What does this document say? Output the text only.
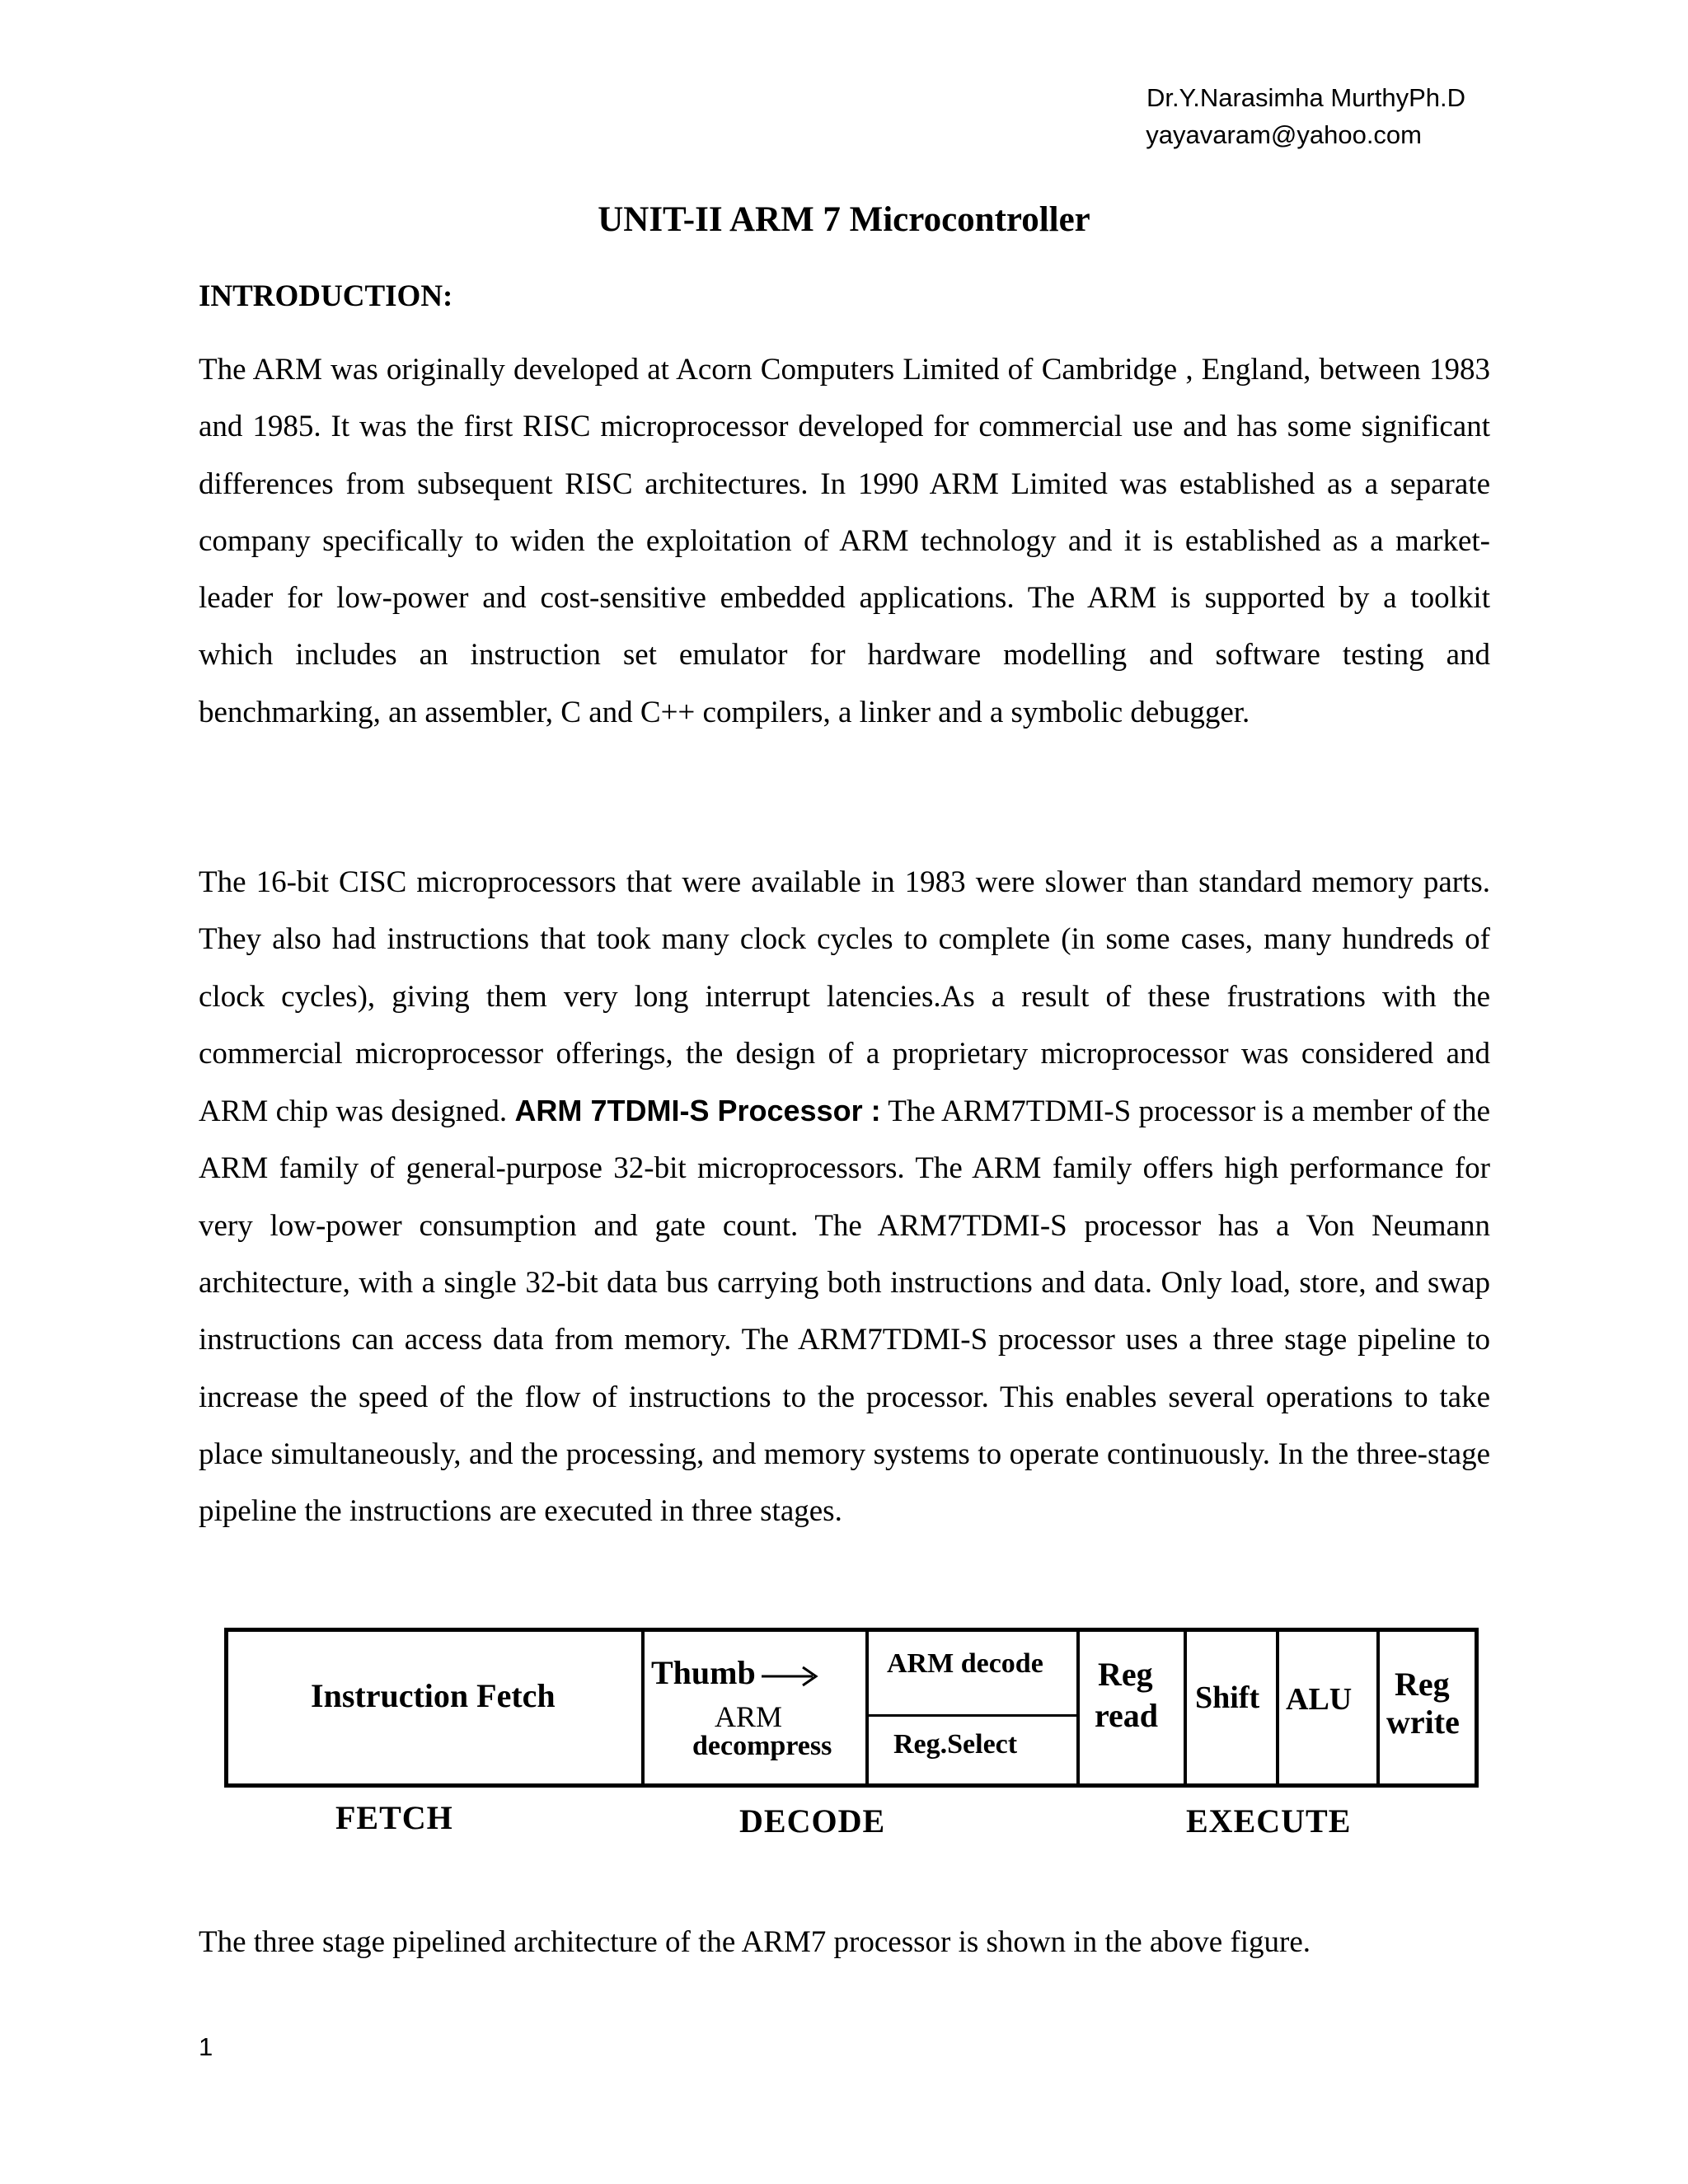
Dr.Y.Narasimha MurthyPh.D

yayavaram@yahoo.com
UNIT-II ARM 7 Microcontroller
INTRODUCTION:

The ARM was originally developed at Acorn Computers Limited of Cambridge , England, between 1983 and 1985. It was the first RISC microprocessor developed for commercial use and has some significant differences from subsequent RISC architectures. In 1990 ARM Limited was established as a separate company specifically to widen the exploitation of ARM technology and it is established as a market-leader for low-power and cost-sensitive embedded applications. The ARM is supported by a toolkit which includes an instruction set emulator for hardware modelling and software testing and benchmarking, an assembler, C and C++ compilers, a linker and a symbolic debugger.

The 16-bit CISC microprocessors that were available in 1983 were slower than standard memory parts. They also had instructions that took many clock cycles to complete (in some cases, many hundreds of clock cycles), giving them very long interrupt latencies.As a result of these frustrations with the commercial microprocessor offerings, the design of a proprietary microprocessor was considered and ARM chip was designed. ARM 7TDMI-S Processor : The ARM7TDMI-S processor is a member of the ARM family of general-purpose 32-bit microprocessors. The ARM family offers high performance for very low-power consumption and gate count. The ARM7TDMI-S processor has a Von Neumann architecture, with a single 32-bit data bus carrying both instructions and data. Only load, store, and swap instructions can access data from memory. The ARM7TDMI-S processor uses a three stage pipeline to increase the speed of the flow of instructions to the processor. This enables several operations to take place simultaneously, and the processing, and memory systems to operate continuously. In the three-stage pipeline the instructions are executed in three stages.

Instruction Fetch
Thumb
ARM
decompress
ARM decode
Reg.Select
Reg
read Shift ALU Reg
write
FETCH	DECODE	EXECUTE

The three stage pipelined architecture of the ARM7 processor is shown in the above figure.

1
